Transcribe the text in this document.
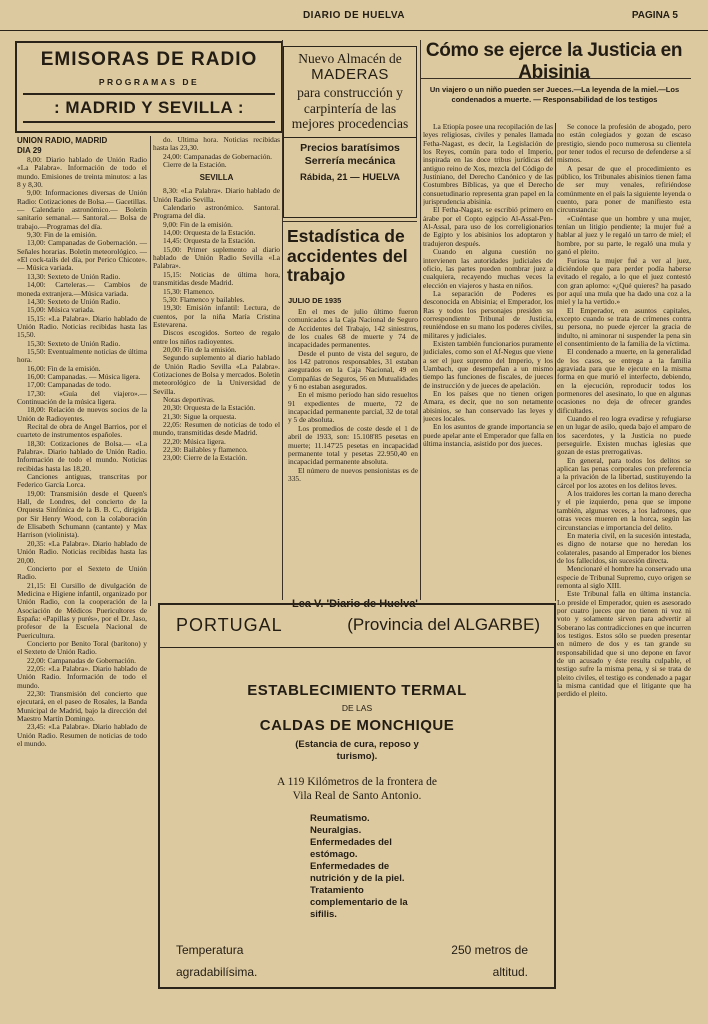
DIARIO DE HUELVA	PAGINA 5
EMISORAS DE RADIO
PROGRAMAS DE
: MADRID Y SEVILLA :

UNION RADIO, MADRID

DIA 29

8,00: Diario hablado de Unión Radio «La Palabra». Información de todo el mundo. Emisiones de treinta minutos: a las 8 y 8,30.

9,00: Informaciones diversas de Unión Radio: Cotizaciones de Bolsa.— Gacetillas.— Calendario astronómico.— Boletín sanitario semanal.— Santoral.— Bolsa de trabajo.—Programas del día.

9,30: Fin de la emisión.

13,00: Campanadas de Gobernación. —Señales horarias. Boletín meteorológico. — «El cock-tails del día, por Perico Chicote». — Música variada.

13,30: Sexteto de Unión Radio.

14,00: Carteleras.— Cambios de moneda extranjera.—Música variada.

14,30: Sexteto de Unión Radio.

15,00: Música variada.

15,15: «La Palabra». Diario hablado de Unión Radio. Noticias recibidas hasta las 15,50.

15,30: Sexteto de Unión Radio.

15,50: Eventualmente noticias de última hora.

16,00: Fin de la emisión.

16,00: Campanadas. — Música ligera.

17,00: Campanadas de todo.

17,30: «Guía del viajero».— Continuación de la música ligera.

18,00: Relación de nuevos socios de la Unión de Radioyentes.

Recital de obra de Angel Barrios, por el cuarteto de instrumentos españoles.

18,30: Cotizaciones de Bolsa.— «La Palabra». Diario hablado de Unión Radio. Información de todo el mundo. Noticias recibidas hasta las 18,20.

Canciones antiguas, transcritas por Federico García Lorca.

19,00: Transmisión desde el Queen's Hall, de Londres, del concierto de la Orquesta Sinfónica de la B. B. C., dirigida por Sir Henry Wood, con la colaboración de Elisabeth Schumann (cantante) y Max Harrison (violinista).

20,35: «La Palabra». Diario hablado de Unión Radio. Noticias recibidas hasta las 20,00.

Concierto por el Sexteto de Unión Radio.

21,15: El Cursillo de divulgación de Medicina e Higiene infantil, organizado por Unión Radio, con la cooperación de la Asociación de Médicos Puericultores de España: «Papillas y purés», por el Dr. Jaso, profesor de la Escuela Nacional de Puericultura.

Concierto por Benito Toral (barítono) y el Sexteto de Unión Radio.

22,00: Campanadas de Gobernación.

22,05: «La Palabra». Diario hablado de Unión Radio. Información de todo el mundo.

22,30: Transmisión del concierto que ejecutará, en el paseo de Rosales, la Banda Municipal de Madrid, bajo la dirección del Maestro Martín Domingo.

23,45: «La Palabra». Diario hablado de Unión Radio. Resumen de noticias de todo el mundo.

do. Ultima hora. Noticias recibidas hasta las 23,30.

24,00: Campanadas de Gobernación.

Cierre de la Estación.

SEVILLA

8,30: «La Palabra». Diario hablado de Unión Radio Sevilla.

Calendario astronómico. Santoral. Programa del día.

9,00: Fin de la emisión.

14,00: Orquesta de la Estación.

14,45: Orquesta de la Estación.

15,00: Primer suplemento al diario hablado de Unión Radio Sevilla «La Palabra».

15,15: Noticias de última hora, transmitidas desde Madrid.

15,30: Flamenco.

5,30: Flamenco y bailables.

19,30: Emisión infantil: Lectura, de cuentos, por la niña María Cristina Estevarena.

Discos escogidos. Sorteo de regalo entre los niños radioyentes.

20,00: Fin de la emisión.

Segundo suplemento al diario hablado de Unión Radio Sevilla «La Palabra». Cotizaciones de Bolsa y mercados. Boletín meteorológico de la Universidad de Sevilla.

Notas deportivas.

20,30: Orquesta de la Estación.

21,30: Sigue la orquesta.

22,05: Resumen de noticias de todo el mundo, transmitidas desde Madrid.

22,20: Música ligera.

22,30: Bailables y flamenco.

23,00: Cierre de la Estación.

Nuevo Almacén de
MADERAS
para construcción y carpintería de las mejores procedencias
Precios baratísimos
Serrería mecánica
Rábida, 21 — HUELVA
Estadística de accidentes del trabajo
JULIO DE 1935

En el mes de julio último fueron comunicados a la Caja Nacional de Seguro de Accidentes del Trabajo, 142 siniestros, de los cuales 68 de muerte y 74 de incapacidades permanentes.

Desde el punto de vista del seguro, de los 142 patronos responsables, 31 estaban asegurados en la Caja Nacional, 49 en Compañías de Seguros, 56 en Mutualidades y 6 no estaban asegurados.

En el mismo período han sido resueltos 91 expedientes de muerte, 72 de incapacidad permanente parcial, 32 de total y 5 de absoluta.

Los promedios de coste desde el 1 de abril de 1933, son: 15.108'85 pesetas en muerte; 11.147'25 pesetas en incapacidad permanente total y pesetas 22.950,40 en incapacidad permanente absoluta.

El número de nuevos pensionistas es de 335.

Lea V. 'Diario de Huelva'
Cómo se ejerce la Justicia en Abisinia
Un viajero o un niño pueden ser Jueces.—La leyenda de la miel.—Los condenados a muerte. — Responsabilidad de los testigos

La Etiopía posee una recopilación de las leyes religiosas, civiles y penales llamada Fetha-Nagast, es decir, la Legislación de los Reyes, común para todo el Imperio, inspirada en las doce tribus jurídicas del antiguo reino de Xos, mezcla del Código de Justiniano, del Derecho Canónico y de las Costumbres Bíblicas, ya que el Derecho consuetudinario representa gran papel en la jurisprudencia abisinia.

El Fetha-Nagast, se escribió primero en árabe por el Copto egipcio Al-Assal-Pen-Al-Assal, para uso de los correligionarios de Egipto y los abisinios los adoptaron y tradujeron después.

Cuando en alguna cuestión no intervienen las autoridades judiciales de oficio, las partes pueden nombrar juez a cualquiera, recayendo muchas veces la elección en viajeros y hasta en niños.

La separación de Poderes es desconocida en Abisinia; el Emperador, los Ras y todos los personajes presiden su correspondiente Tribunal de Justicia, reuniéndose en su mano los poderes civiles, militares y judiciales.

Existen también funcionarios puramente judiciales, como son el Af-Negus que viene a ser el juez supremo del Imperio, y los Uambach, que desempeñan a un mismo tiempo las funciones de fiscales, de jueces de instrucción y de jueces de apelación.

En los países que no tienen origen Amara, es decir, que no son netamente abisinios, se han conservado las leyes y jueces locales.

En los asuntos de grande importancia se puede apelar ante el Emperador que falla en última instancia, asistido por dos jueces.

Se conoce la profesión de abogado, pero no están colegiados y gozan de escaso prestigio, siendo poco numerosa su clientela por tener todos el recurso de defenderse a sí mismos.

A pesar de que el procedimiento es público, los Tribunales abisinios tienen fama de ser muy venales, refiriéndose comúnmente en el país la siguiente leyenda o cuento, para poner de manifiesto esta circunstancia:

«Cuéntase que un hombre y una mujer, tenían un litigio pendiente; la mujer fué a hablar al juez y le regaló un tarro de miel; el hombre, por su parte, le regaló una mula y ganó el pleito.

Furiosa la mujer fué a ver al juez, diciéndole que para perder podía haberse evitado el regalo, a lo que el juez contestó con gran aplomo: «¿Qué quieres? ha pasado por aquí una mula que ha dado una coz a la miel y la ha vertido.»

El Emperador, en asuntos capitales, excepto cuando se trata de crímenes contra su persona, no puede ejercer la gracia de indulto, ni aminorar ni suspender la pena sin el consentimiento de la familia de la víctima.

El condenado a muerte, en la generalidad de los casos, se entrega a la familia agraviada para que le ejecute en la misma forma en que murió el interfecto, debiendo, en la ejecución, reproducir todos los pormenores del asesinato, lo que en algunas ocasiones no deja de ofrecer grandes dificultades.

Cuando el reo logra evadirse y refugiarse en un lugar de asilo, queda bajo el amparo de los sacerdotes, y la Justicia no puede perseguirle. Existen muchas iglesias que gozan de estas prerrogativas.

En general, para todos los delitos se aplican las penas corporales con preferencia a la privación de la libertad, sustituyendo la cárcel por los azotes en los delitos leves.

A los traidores les cortan la mano derecha y el pie izquierdo, pena que se impone también, algunas veces, a los ladrones, que otras veces mueren en la horca, según las circunstancias e importancia del delito.

En materia civil, en la sucesión intestada, es digno de notarse que no heredan los colaterales, pasando al Emperador los bienes de los fallecidos, sin sucesión directa.

Mencionaré el hombre ha conservado una especie de Tribunal Supremo, cuyo origen se remonta al siglo XIII.

Este Tribunal falla en última instancia. Lo preside el Emperador, quien es asesorado por cuatro jueces que no tienen ni voz ni voto y solamente sirven para advertir al Soberano las contradicciones en que incurren los testigos. Estos sólo se pueden presentar en número de dos y es tan grande su responsabilidad que si uno depone en favor de un acusado y éste resulta culpable, el testigo sufre la misma pena, y si se trata de pleito civiles, el testigo es condenado a pagar la misma cantidad que el litigante que ha perdido el pleito.

PORTUGAL	(Provincia del ALGARBE)
ESTABLECIMIENTO TERMAL
DE LAS
CALDAS DE MONCHIQUE
(Estancia de cura, reposo y turismo).
A 119 Kilómetros de la frontera de Vila Real de Santo Antonio.
Reumatismo.
Neuralgias.
Enfermedades del estómago.
Enfermedades de nutrición y de la piel.
Tratamiento complementario de la sifilis.
Temperatura agradabilísima.
250 metros de altitud.
